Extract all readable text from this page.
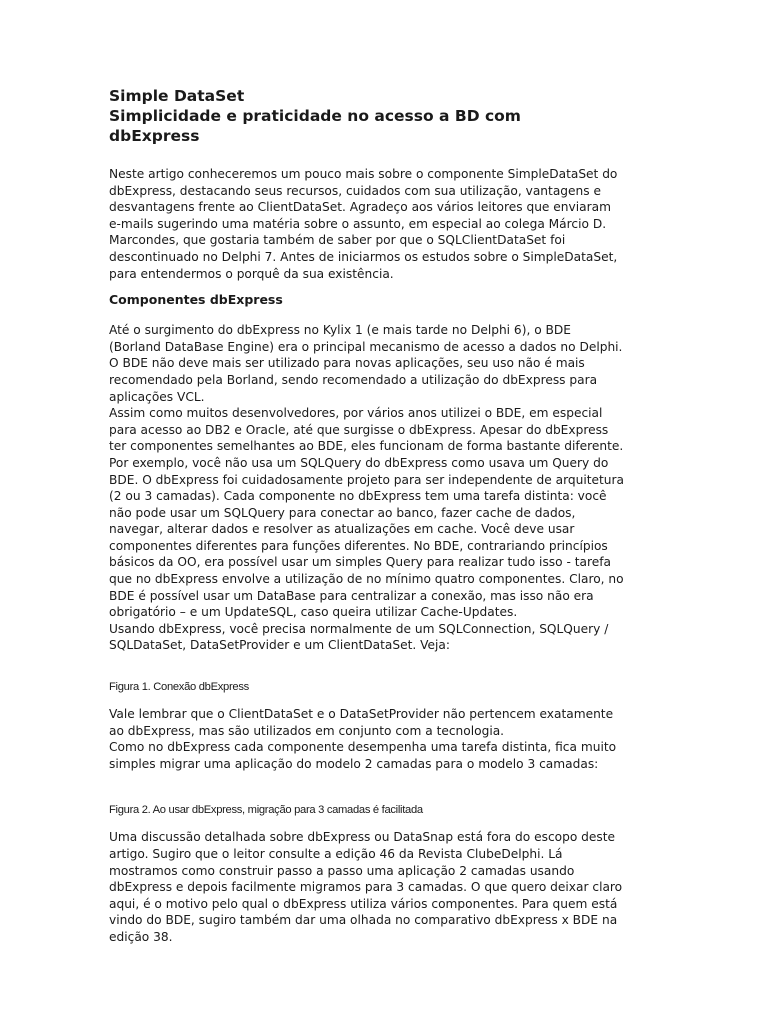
Simple DataSet
Simplicidade e praticidade no acesso a BD com
dbExpress

Neste artigo conheceremos um pouco mais sobre o componente SimpleDataSet do
dbExpress, destacando seus recursos, cuidados com sua utilização, vantagens e
desvantagens frente ao ClientDataSet. Agradeço aos vários leitores que enviaram
e-mails sugerindo uma matéria sobre o assunto, em especial ao colega Márcio D.
Marcondes, que gostaria também de saber por que o SQLClientDataSet foi
descontinuado no Delphi 7. Antes de iniciarmos os estudos sobre o SimpleDataSet,
para entendermos o porquê da sua existência.

Componentes dbExpress

Até o surgimento do dbExpress no Kylix 1 (e mais tarde no Delphi 6), o BDE
(Borland DataBase Engine) era o principal mecanismo de acesso a dados no Delphi.
O BDE não deve mais ser utilizado para novas aplicações, seu uso não é mais
recomendado pela Borland, sendo recomendado a utilização do dbExpress para
aplicações VCL.
Assim como muitos desenvolvedores, por vários anos utilizei o BDE, em especial
para acesso ao DB2 e Oracle, até que surgisse o dbExpress. Apesar do dbExpress
ter componentes semelhantes ao BDE, eles funcionam de forma bastante diferente.
Por exemplo, você não usa um SQLQuery do dbExpress como usava um Query do
BDE. O dbExpress foi cuidadosamente projeto para ser independente de arquitetura
(2 ou 3 camadas). Cada componente no dbExpress tem uma tarefa distinta: você
não pode usar um SQLQuery para conectar ao banco, fazer cache de dados,
navegar, alterar dados e resolver as atualizações em cache. Você deve usar
componentes diferentes para funções diferentes. No BDE, contrariando princípios
básicos da OO, era possível usar um simples Query para realizar tudo isso - tarefa
que no dbExpress envolve a utilização de no mínimo quatro componentes. Claro, no
BDE é possível usar um DataBase para centralizar a conexão, mas isso não era
obrigatório – e um UpdateSQL, caso queira utilizar Cache-Updates.
Usando dbExpress, você precisa normalmente de um SQLConnection, SQLQuery /
SQLDataSet, DataSetProvider e um ClientDataSet. Veja:

Figura 1. Conexão dbExpress

Vale lembrar que o ClientDataSet e o DataSetProvider não pertencem exatamente
ao dbExpress, mas são utilizados em conjunto com a tecnologia.
Como no dbExpress cada componente desempenha uma tarefa distinta, fica muito
simples migrar uma aplicação do modelo 2 camadas para o modelo 3 camadas:

Figura 2. Ao usar dbExpress, migração para 3 camadas é facilitada

Uma discussão detalhada sobre dbExpress ou DataSnap está fora do escopo deste
artigo. Sugiro que o leitor consulte a edição 46 da Revista ClubeDelphi. Lá
mostramos como construir passo a passo uma aplicação 2 camadas usando
dbExpress e depois facilmente migramos para 3 camadas. O que quero deixar claro
aqui, é o motivo pelo qual o dbExpress utiliza vários componentes. Para quem está
vindo do BDE, sugiro também dar uma olhada no comparativo dbExpress x BDE na
edição 38.
